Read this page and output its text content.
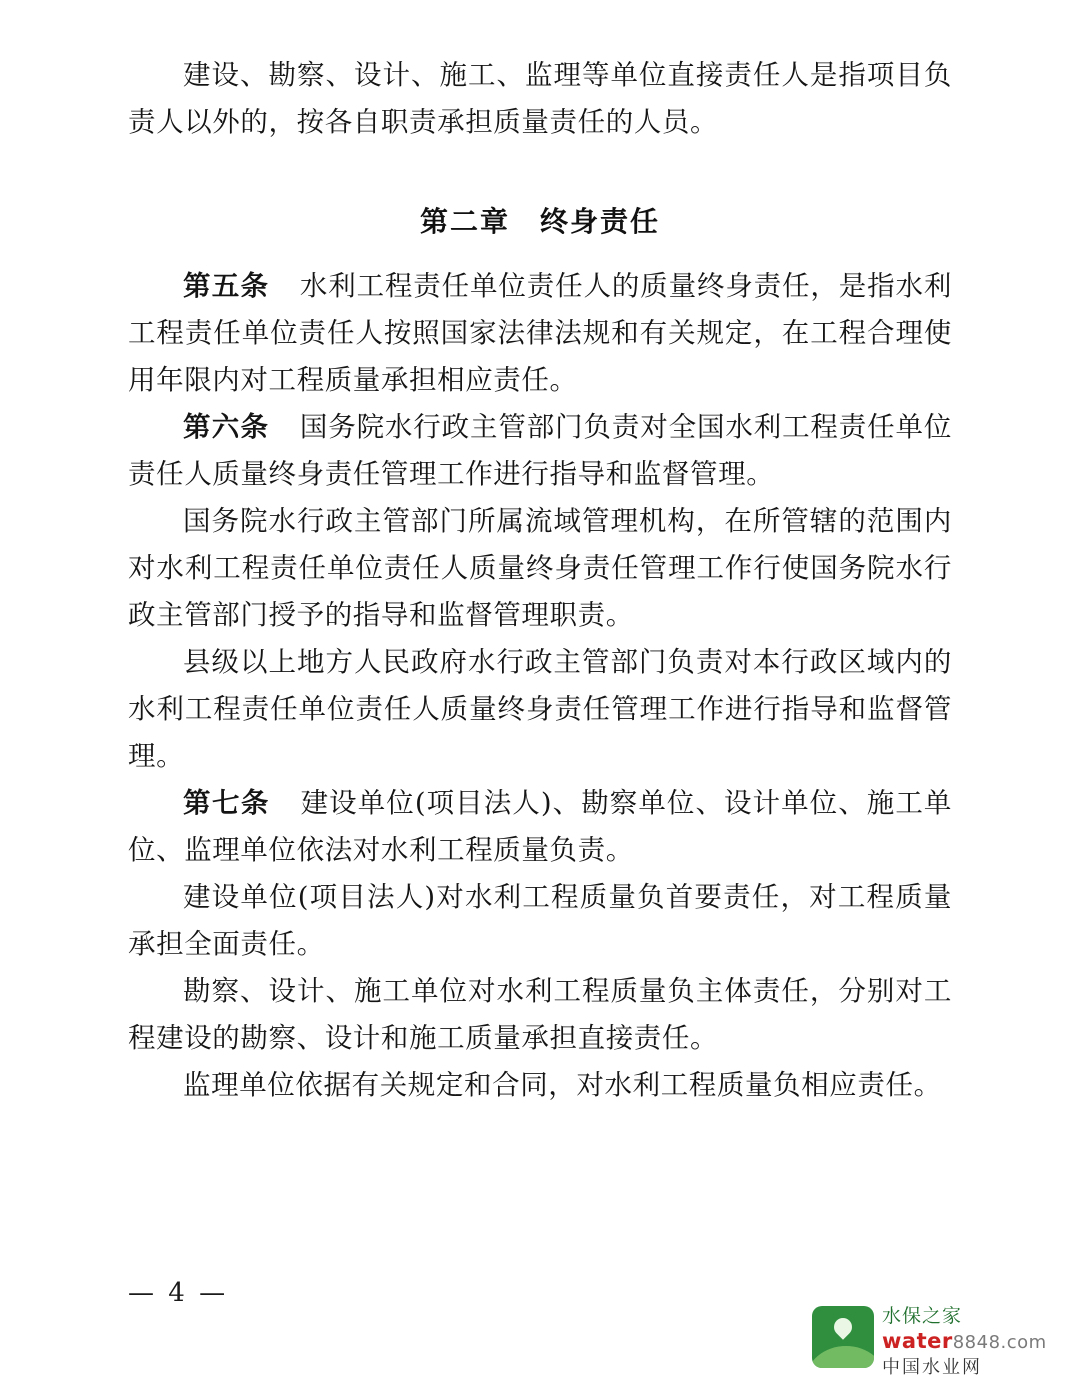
建设、勘察、设计、施工、监理等单位直接责任人是指项目负责人以外的，按各自职责承担质量责任的人员。

第二章　终身责任

第五条 水利工程责任单位责任人的质量终身责任，是指水利工程责任单位责任人按照国家法律法规和有关规定，在工程合理使用年限内对工程质量承担相应责任。

第六条 国务院水行政主管部门负责对全国水利工程责任单位责任人质量终身责任管理工作进行指导和监督管理。

国务院水行政主管部门所属流域管理机构，在所管辖的范围内对水利工程责任单位责任人质量终身责任管理工作行使国务院水行政主管部门授予的指导和监督管理职责。

县级以上地方人民政府水行政主管部门负责对本行政区域内的水利工程责任单位责任人质量终身责任管理工作进行指导和监督管理。

第七条 建设单位(项目法人)、勘察单位、设计单位、施工单位、监理单位依法对水利工程质量负责。

建设单位(项目法人)对水利工程质量负首要责任，对工程质量承担全面责任。

勘察、设计、施工单位对水利工程质量负主体责任，分别对工程建设的勘察、设计和施工质量承担直接责任。

监理单位依据有关规定和合同，对水利工程质量负相应责任。

— 4 —
水保之家
water8848.com
中国水业网
